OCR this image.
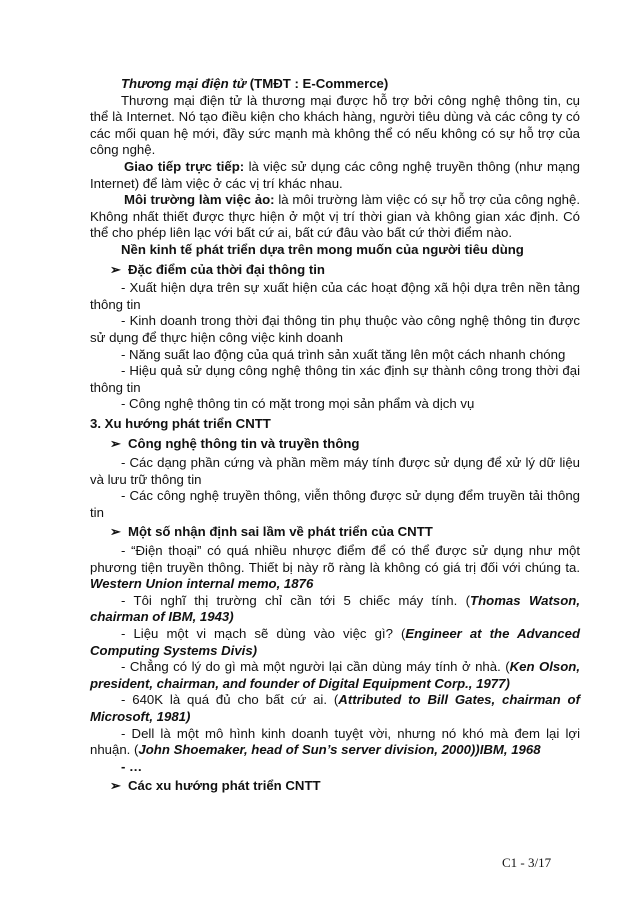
Thương mại điện tử (TMĐT : E-Commerce)

Thương mại điện tử là thương mại được hỗ trợ bởi công nghệ thông tin, cụ thể là Internet. Nó tạo điều kiện cho khách hàng, người tiêu dùng và các công ty có các mối quan hệ mới, đầy sức mạnh mà không thể có nếu không có sự hỗ trợ của công nghệ.

Giao tiếp trực tiếp: là việc sử dụng các công nghệ truyền thông (như mạng Internet) để làm việc ở các vị trí khác nhau.

Môi trường làm việc ảo: là môi trường làm việc có sự hỗ trợ của công nghệ. Không nhất thiết được thực hiện ở một vị trí thời gian và không gian xác định. Có thể cho phép liên lạc với bất cứ ai, bất cứ đâu vào bất cứ thời điểm nào.

Nền kinh tế phát triển dựa trên mong muốn của người tiêu dùng

➢ Đặc điểm của thời đại thông tin

- Xuất hiện dựa trên sự xuất hiện của các hoạt động xã hội dựa trên nền tảng thông tin

- Kinh doanh trong thời đại thông tin phụ thuộc vào công nghệ thông tin được sử dụng để thực hiện công việc kinh doanh

- Năng suất lao động của quá trình sản xuất tăng lên một cách nhanh chóng

- Hiệu quả sử dụng công nghệ thông tin xác định sự thành công trong thời đại thông tin

- Công nghệ thông tin có mặt trong mọi sản phẩm và dịch vụ

3. Xu hướng phát triển CNTT

➢ Công nghệ thông tin và truyền thông

- Các dạng phần cứng và phần mềm máy tính được sử dụng để xử lý dữ liệu và lưu trữ thông tin

- Các công nghệ truyền thông, viễn thông được sử dụng đểm truyền tải thông tin

➢ Một số nhận định sai lầm về phát triển của CNTT

- “Điện thoại” có quá nhiều nhược điểm để có thể được sử dụng như một phương tiện truyền thông. Thiết bị này rõ ràng là không có giá trị đối với chúng ta. Western Union internal memo, 1876

- Tôi nghĩ thị trường chỉ cần tới 5 chiếc máy tính. (Thomas Watson, chairman of IBM, 1943)

- Liệu một vi mạch sẽ dùng vào việc gì? (Engineer at the Advanced Computing Systems Divis)

- Chẳng có lý do gì mà một người lại cần dùng máy tính ở nhà. (Ken Olson, president, chairman, and founder of Digital Equipment Corp., 1977)

- 640K là quá đủ cho bất cứ ai. (Attributed to Bill Gates, chairman of Microsoft, 1981)

- Dell là một mô hình kinh doanh tuyệt vời, nhưng nó khó mà đem lại lợi nhuận. (John Shoemaker, head of Sun’s server division, 2000))IBM, 1968

- …

➢ Các xu hướng phát triển CNTT

C1 - 3/17
